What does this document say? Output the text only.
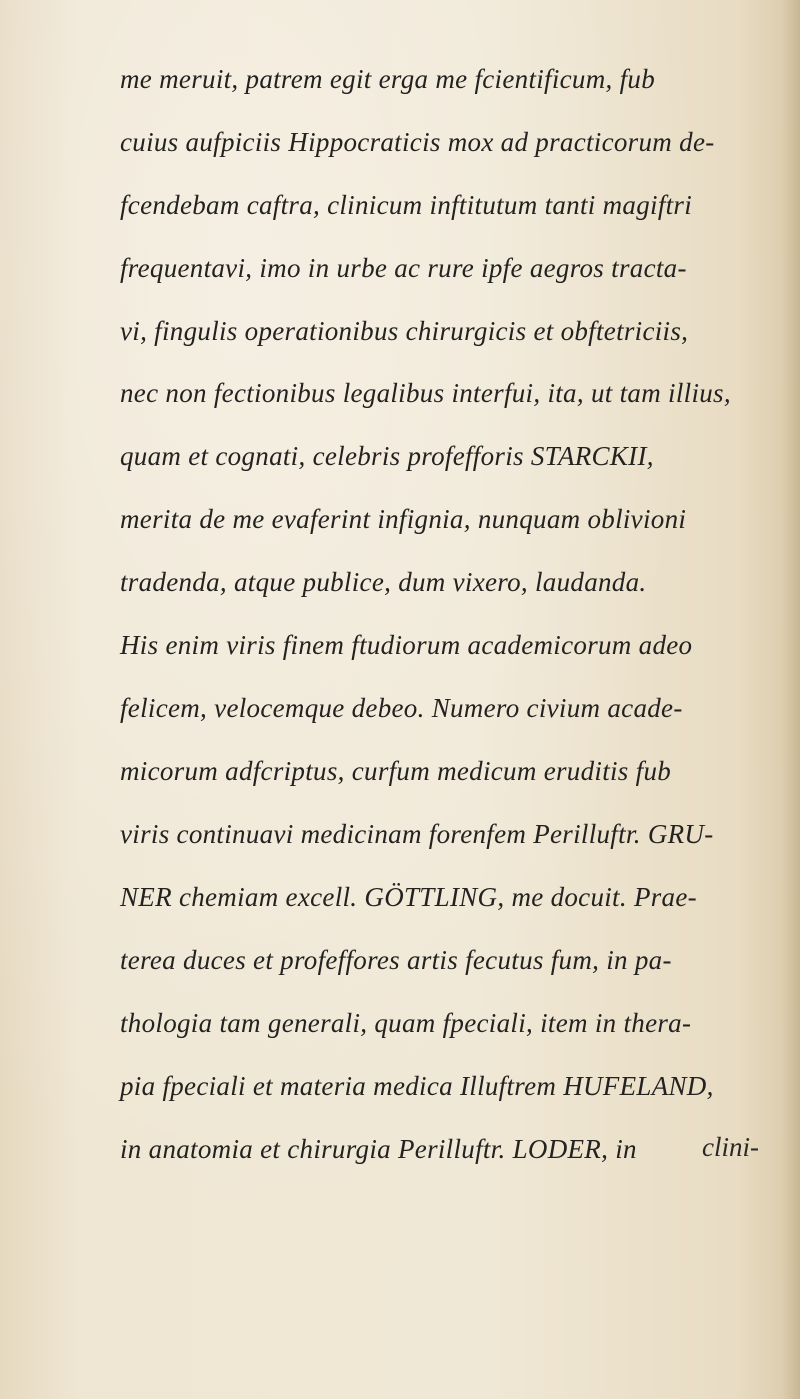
me meruit, patrem egit erga me fcientificum, fub
cuius aufpiciis Hippocraticis mox ad practicorum de-
fcendebam caftra, clinicum inftitutum tanti magiftri
frequentavi, imo in urbe ac rure ipfe aegros tracta-
vi, fingulis operationibus chirurgicis et obftetriciis,
nec non fectionibus legalibus interfui, ita, ut tam illius,
quam et cognati, celebris profefforis STARCKII,
merita de me evaferint infignia, nunquam oblivioni
tradenda, atque publice, dum vixero, laudanda.
His enim viris finem ftudiorum academicorum adeo
felicem, velocemque debeo. Numero civium acade-
micorum adfcriptus, curfum medicum eruditis fub
viris continuavi medicinam forenfem Perilluftr. GRU-
NER chemiam excell. GÖTTLING, me docuit. Prae-
terea duces et profeffores artis fecutus fum, in pa-
thologia tam generali, quam fpeciali, item in thera-
pia fpeciali et materia medica Illuftrem HUFELAND,
in anatomia et chirurgia Perilluftr. LODER, in clini-
